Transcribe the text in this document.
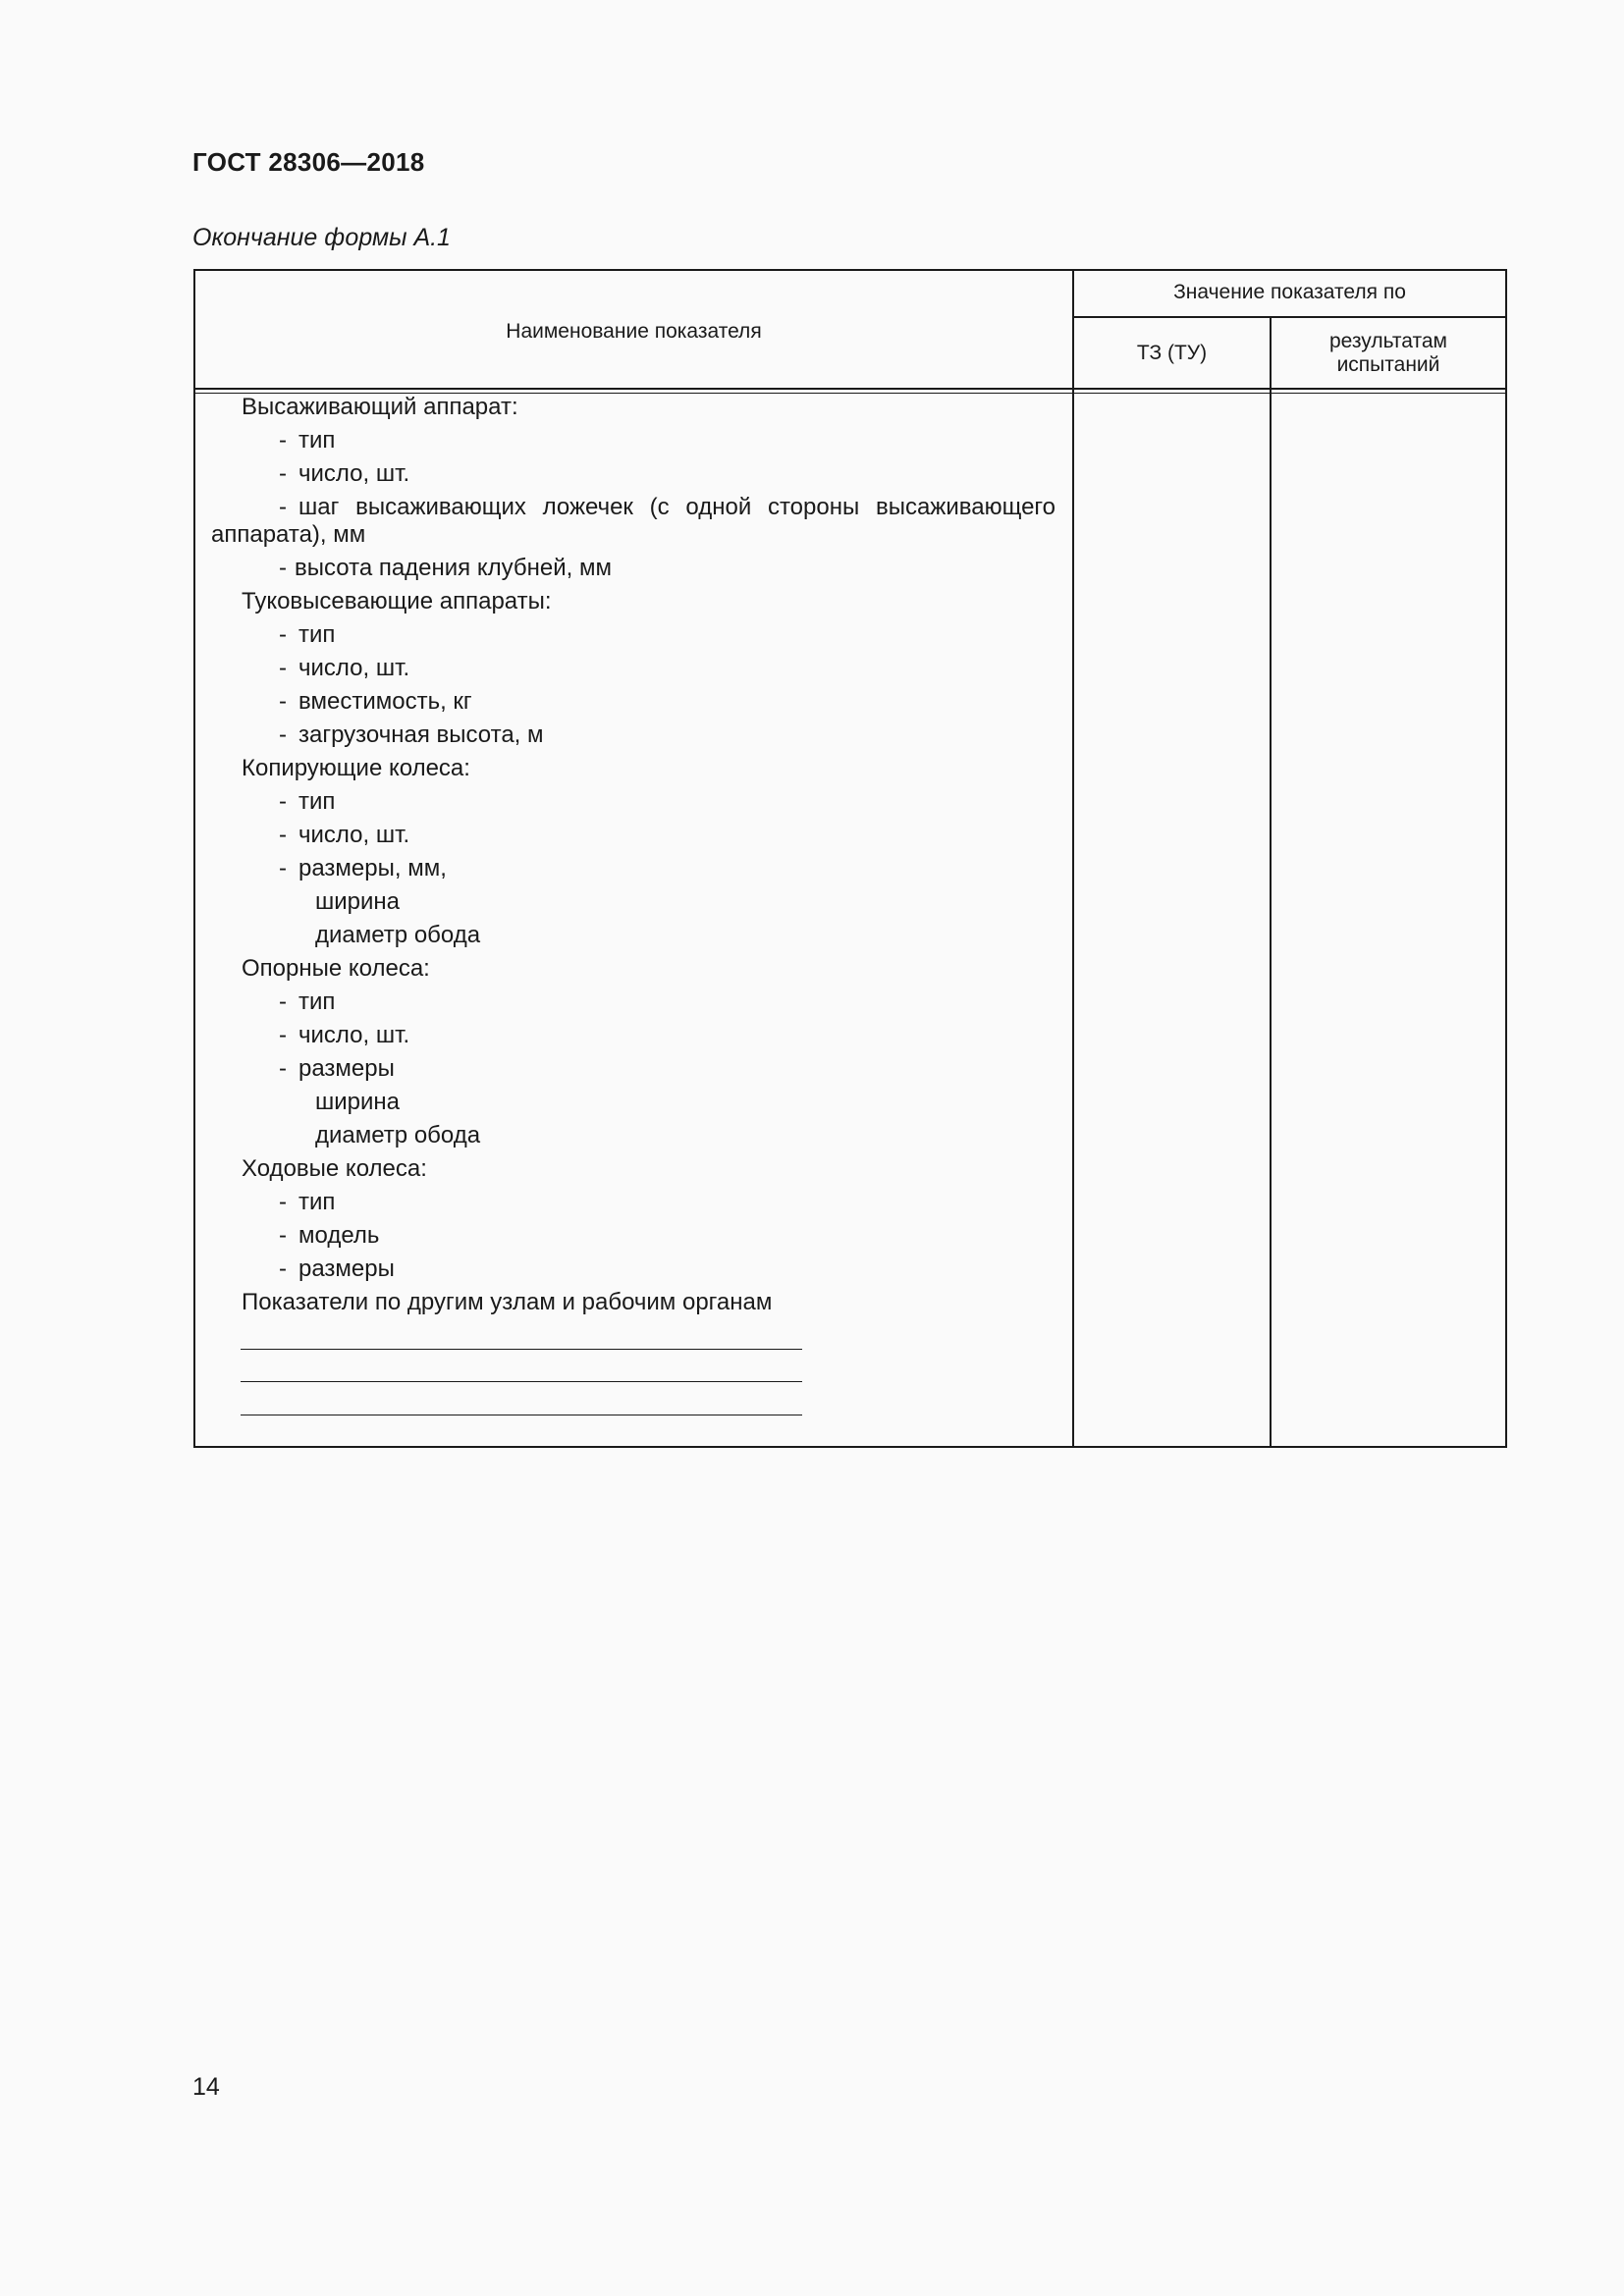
ГОСТ 28306—2018
Окончание формы А.1
Наименование показателя
Значение показателя по
ТЗ (ТУ)
результатам
испытаний
Высаживающий аппарат:
- тип
- число, шт.
- шаг высаживающих ложечек (с одной стороны высаживающего
аппарата), мм
- высота падения клубней, мм
Туковысевающие аппараты:
- тип
- число, шт.
- вместимость, кг
- загрузочная высота, м
Копирующие колеса:
- тип
- число, шт.
- размеры, мм,
ширина
диаметр обода
Опорные колеса:
- тип
- число, шт.
- размеры
ширина
диаметр обода
Ходовые колеса:
- тип
- модель
- размеры
Показатели по другим узлам и рабочим органам
14
